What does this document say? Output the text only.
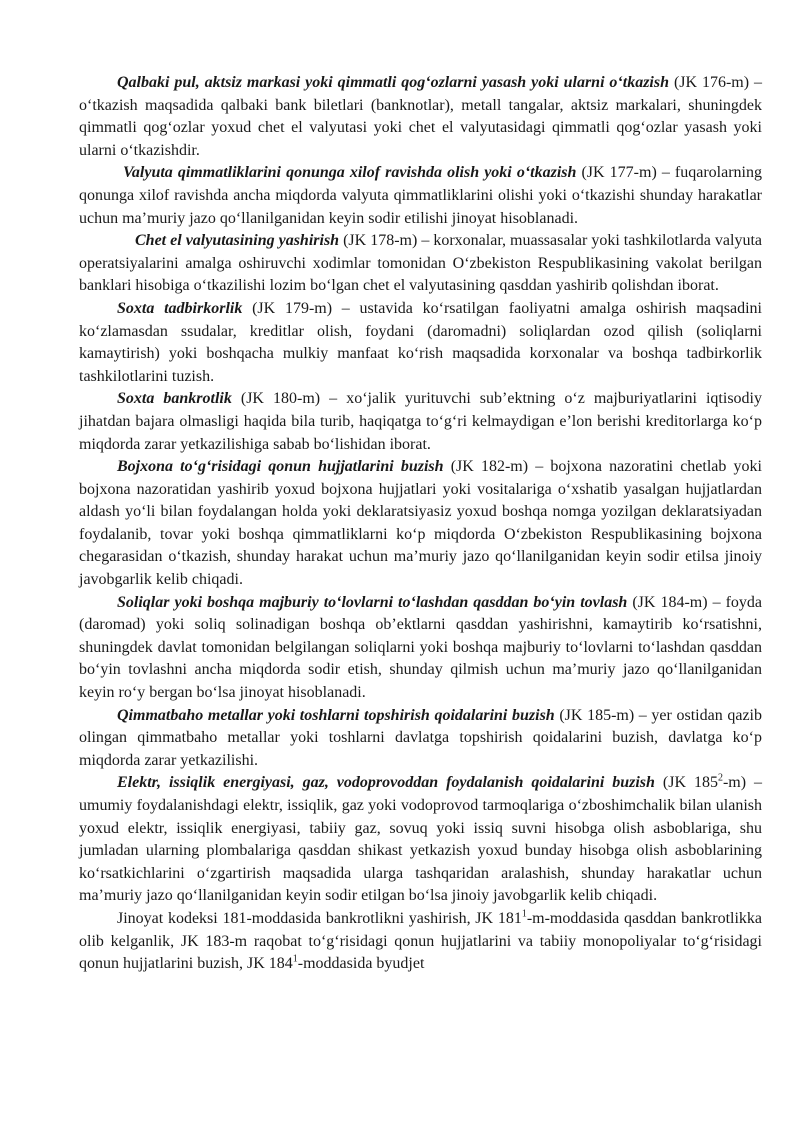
Qalbaki pul, aktsiz markasi yoki qimmatli qog‘ozlarni yasash yoki ularni o‘tkazish (JK 176-m) –o‘tkazish maqsadida qalbaki bank biletlari (banknotlar), metall tangalar, aktsiz markalari, shuningdek qimmatli qog‘ozlar yoxud chet el valyutasi yoki chet el valyutasidagi qimmatli qog‘ozlar yasash yoki ularni o‘tkazishdir.

Valyuta qimmatliklarini qonunga xilof ravishda olish yoki o‘tkazish (JK 177-m) – fuqarolarning qonunga xilof ravishda ancha miqdorda valyuta qimmatliklarini olishi yoki o‘tkazishi shunday harakatlar uchun ma’muriy jazo qo‘llanilganidan keyin sodir etilishi jinoyat hisoblanadi.

Chet el valyutasining yashirish (JK 178-m) – korxonalar, muassasalar yoki tashkilotlarda valyuta operatsiyalarini amalga oshiruvchi xodimlar tomonidan O‘zbekiston Respublikasining vakolat berilgan banklari hisobiga o‘tkazilishi lozim bo‘lgan chet el valyutasining qasddan yashirib qolishdan iborat.

Soxta tadbirkorlik (JK 179-m) – ustavida ko‘rsatilgan faoliyatni amalga oshirish maqsadini ko‘zlamasdan ssudalar, kreditlar olish, foydani (daromadni) soliqlardan ozod qilish (soliqlarni kamaytirish) yoki boshqacha mulkiy manfaat ko‘rish maqsadida korxonalar va boshqa tadbirkorlik tashkilotlarini tuzish.

Soxta bankrotlik (JK 180-m) – xo‘jalik yurituvchi sub’ektning o‘z majburiyatlarini iqtisodiy jihatdan bajara olmasligi haqida bila turib, haqiqatga to‘g‘ri kelmaydigan e’lon berishi kreditorlarga ko‘p miqdorda zarar yetkazilishiga sabab bo‘lishidan iborat.

Bojxona to‘g‘risidagi qonun hujjatlarini buzish (JK 182-m) – bojxona nazoratini chetlab yoki bojxona nazoratidan yashirib yoxud bojxona hujjatlari yoki vositalariga o‘xshatib yasalgan hujjatlardan aldash yo‘li bilan foydalangan holda yoki deklaratsiyasiz yoxud boshqa nomga yozilgan deklaratsiyadan foydalanib, tovar yoki boshqa qimmatliklarni ko‘p miqdorda O‘zbekiston Respublikasining bojxona chegarasidan o‘tkazish, shunday harakat uchun ma’muriy jazo qo‘llanilganidan keyin sodir etilsa jinoiy javobgarlik kelib chiqadi.

Soliqlar yoki boshqa majburiy to‘lovlarni to‘lashdan qasddan bo‘yin tovlash (JK 184-m) – foyda (daromad) yoki soliq solinadigan boshqa ob’ektlarni qasddan yashirishni, kamaytirib ko‘rsatishni, shuningdek davlat tomonidan belgilangan soliqlarni yoki boshqa majburiy to‘lovlarni to‘lashdan qasddan bo‘yin tovlashni ancha miqdorda sodir etish, shunday qilmish uchun ma’muriy jazo qo‘llanilganidan keyin ro‘y bergan bo‘lsa jinoyat hisoblanadi.

Qimmatbaho metallar yoki toshlarni topshirish qoidalarini buzish (JK 185-m) – yer ostidan qazib olingan qimmatbaho metallar yoki toshlarni davlatga topshirish qoidalarini buzish, davlatga ko‘p miqdorda zarar yetkazilishi.

Elektr, issiqlik energiyasi, gaz, vodoprovoddan foydalanish qoidalarini buzish (JK $185^2-m$) –umumiy foydalanishdagi elektr, issiqlik, gaz yoki vodoprovod tarmoqlariga o‘zboshimchalik bilan ulanish yoxud elektr, issiqlik energiyasi, tabiiy gaz, sovuq yoki issiq suvni hisobga olish asboblariga, shu jumladan ularning plombalariga qasddan shikast yetkazish yoxud bunday hisobga olish asboblarining ko‘rsatkichlarini o‘zgartirish maqsadida ularga tashqaridan aralashish, shunday harakatlar uchun ma’muriy jazo qo‘llanilganidan keyin sodir etilgan bo‘lsa jinoiy javobgarlik kelib chiqadi.

Jinoyat kodeksi 181-moddasida bankrotlikni yashirish, JK $181^1-m$-moddasida qasddan bankrotlikka olib kelganlik, JK 183-m raqobat to‘g‘risidagi qonun hujjatlarini va tabiiy monopoliyalar to‘g‘risidagi qonun hujjatlarini buzish, JK $184^1$-moddasida byudjet
